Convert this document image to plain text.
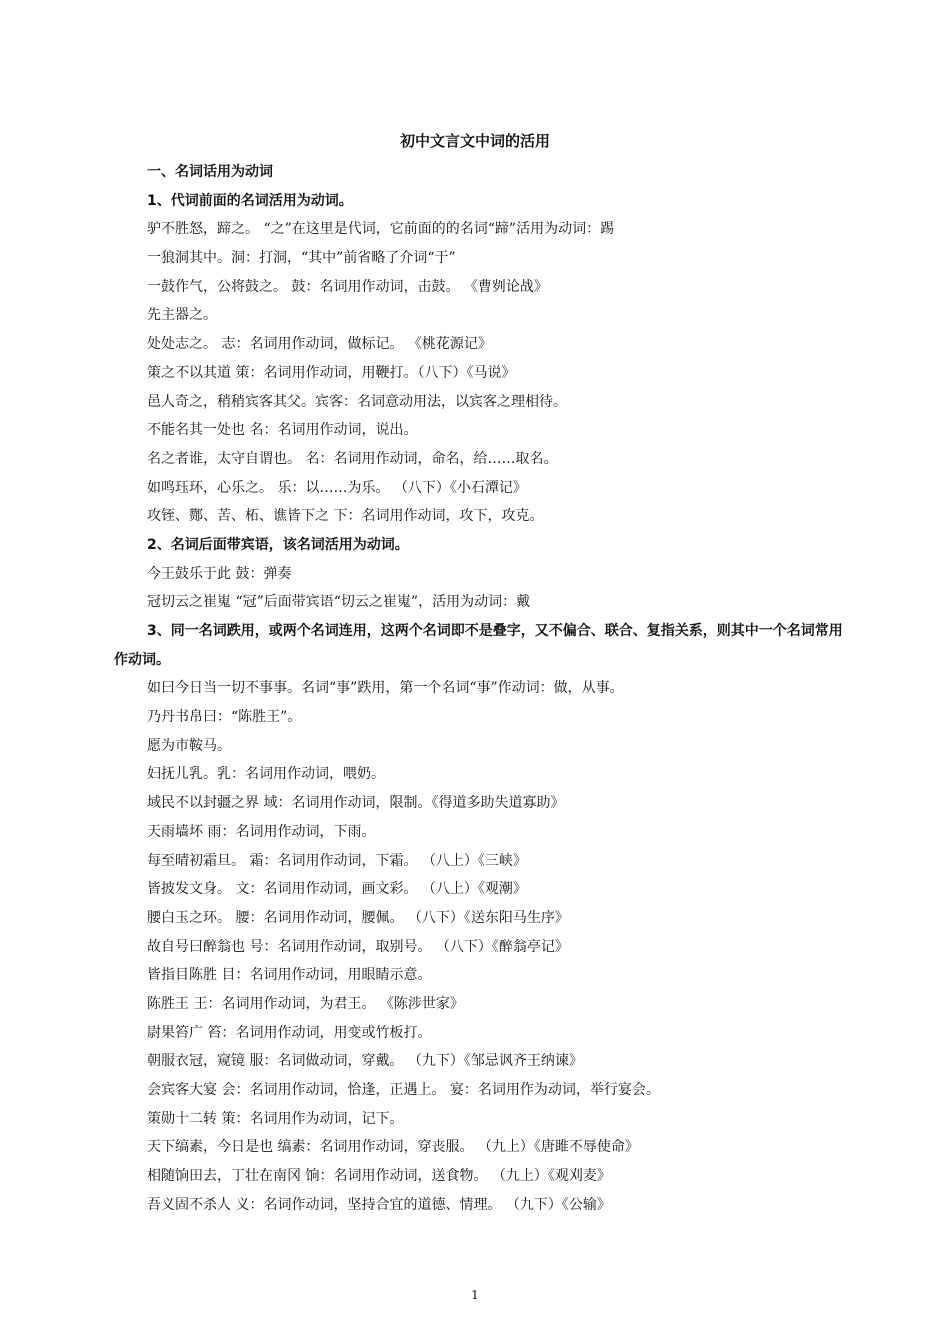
初中文言文中词的活用
一、名词话用为动词
1、代词前面的名词活用为动词。
驴不胜怒，蹄之。 “之”在这里是代词，它前面的的名词“蹄”活用为动词：踢
一狼洞其中。洞：打洞，“其中”前省略了介词“于”
一鼓作气，公将鼓之。 鼓：名词用作动词，击鼓。 《曹刿论战》
先主器之。
处处志之。 志：名词用作动词，做标记。 《桃花源记》
策之不以其道 策：名词用作动词，用鞭打。（八下）《马说》
邑人奇之，稍稍宾客其父。宾客：名词意动用法，以宾客之理相待。
不能名其一处也 名：名词用作动词，说出。
名之者谁，太守自谓也。 名：名词用作动词，命名，给……取名。
如鸣珏环，心乐之。 乐：以……为乐。 （八下）《小石潭记》
攻铚、酂、苦、柘、谯皆下之 下：名词用作动词，攻下，攻克。
2、名词后面带宾语，该名词活用为动词。
今王鼓乐于此 鼓：弹奏
冠切云之崔嵬 “冠”后面带宾语“切云之崔嵬”，活用为动词：戴
3、同一名词跌用，或两个名词连用，这两个名词即不是叠字，又不偏合、联合、复指关系，则其中一个名词常用作动词。
如曰今日当一切不事事。名词“事”跌用，第一个名词“事”作动词：做，从事。
乃丹书帛曰：“陈胜王”。
愿为市鞍马。
妇抚儿乳。乳：名词用作动词，喂奶。
域民不以封疆之界 域：名词用作动词，限制。《得道多助失道寡助》
天雨墙坏 雨：名词用作动词，下雨。
每至晴初霜旦。 霜：名词用作动词，下霜。 （八上）《三峡》
皆披发文身。 文：名词用作动词，画文彩。 （八上）《观潮》
腰白玉之环。 腰：名词用作动词，腰佩。 （八下）《送东阳马生序》
故自号曰醉翁也 号：名词用作动词，取别号。 （八下）《醉翁亭记》
皆指目陈胜 目：名词用作动词，用眼睛示意。
陈胜王 王：名词用作动词，为君王。 《陈涉世家》
尉果笞广 笞：名词用作动词，用变或竹板打。
朝服衣冠，窥镜 服：名词做动词，穿戴。 （九下）《邹忌讽齐王纳谏》
会宾客大宴 会：名词用作动词，恰逢，正遇上。 宴：名词用作为动词，举行宴会。
策勋十二转 策：名词用作为动词，记下。
天下缟素，今日是也 缟素：名词用作动词，穿丧服。 （九上）《唐雎不辱使命》
相随饷田去，丁壮在南冈 饷：名词用作动词，送食物。 （九上）《观刈麦》
吾义固不杀人 义：名词作动词，坚持合宜的道德、情理。 （九下）《公输》
1
